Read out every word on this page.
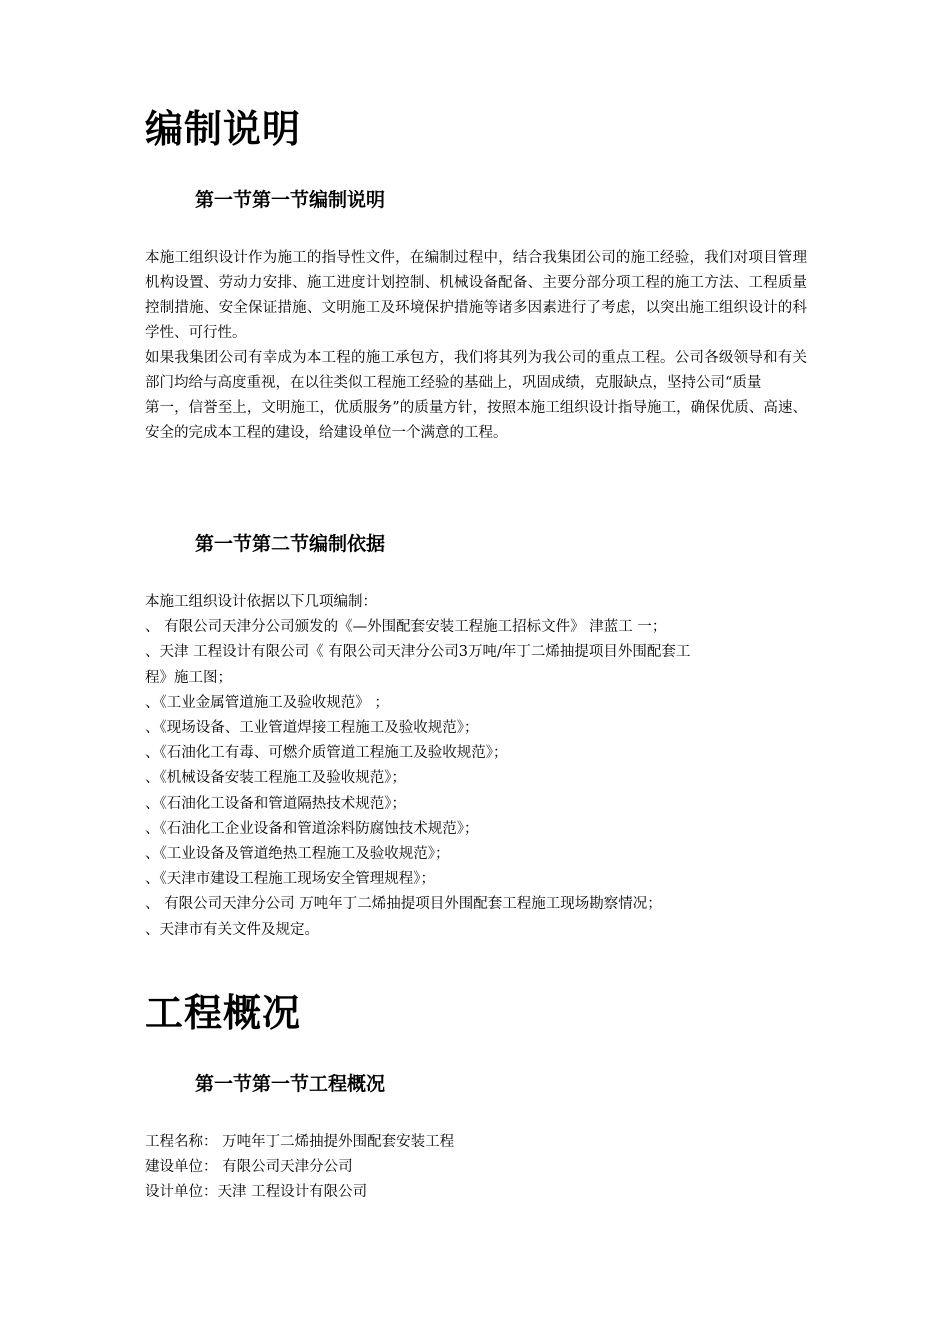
编制说明
第一节第一节编制说明
本施工组织设计作为施工的指导性文件，在编制过程中，结合我集团公司的施工经验，我们对项目管理机构设置、劳动力安排、施工进度计划控制、机械设备配备、主要分部分项工程的施工方法、工程质量控制措施、安全保证措施、文明施工及环境保护措施等诸多因素进行了考虑，以突出施工组织设计的科学性、可行性。
如果我集团公司有幸成为本工程的施工承包方，我们将其列为我公司的重点工程。公司各级领导和有关部门均给与高度重视，在以往类似工程施工经验的基础上，巩固成绩，克服缺点，坚持公司“质量
第一，信誉至上，文明施工，优质服务”的质量方针，按照本施工组织设计指导施工，确保优质、高速、安全的完成本工程的建设，给建设单位一个满意的工程。
第一节第二节编制依据
本施工组织设计依据以下几项编制：
、 有限公司天津分公司颁发的《—外围配套安装工程施工招标文件》 津蓝工 一；
、天津 工程设计有限公司《 有限公司天津分公司3万吨/年丁二烯抽提项目外围配套工
程》施工图；
、《工业金属管道施工及验收规范》 ；
、《现场设备、工业管道焊接工程施工及验收规范》；
、《石油化工有毒、可燃介质管道工程施工及验收规范》；
、《机械设备安装工程施工及验收规范》；
、《石油化工设备和管道隔热技术规范》；
、《石油化工企业设备和管道涂料防腐蚀技术规范》；
、《工业设备及管道绝热工程施工及验收规范》；
、《天津市建设工程施工现场安全管理规程》；
、 有限公司天津分公司 万吨年丁二烯抽提项目外围配套工程施工现场勘察情况；
、天津市有关文件及规定。
工程概况
第一节第一节工程概况
工程名称： 万吨年丁二烯抽提外围配套安装工程
建设单位： 有限公司天津分公司
设计单位：天津 工程设计有限公司
